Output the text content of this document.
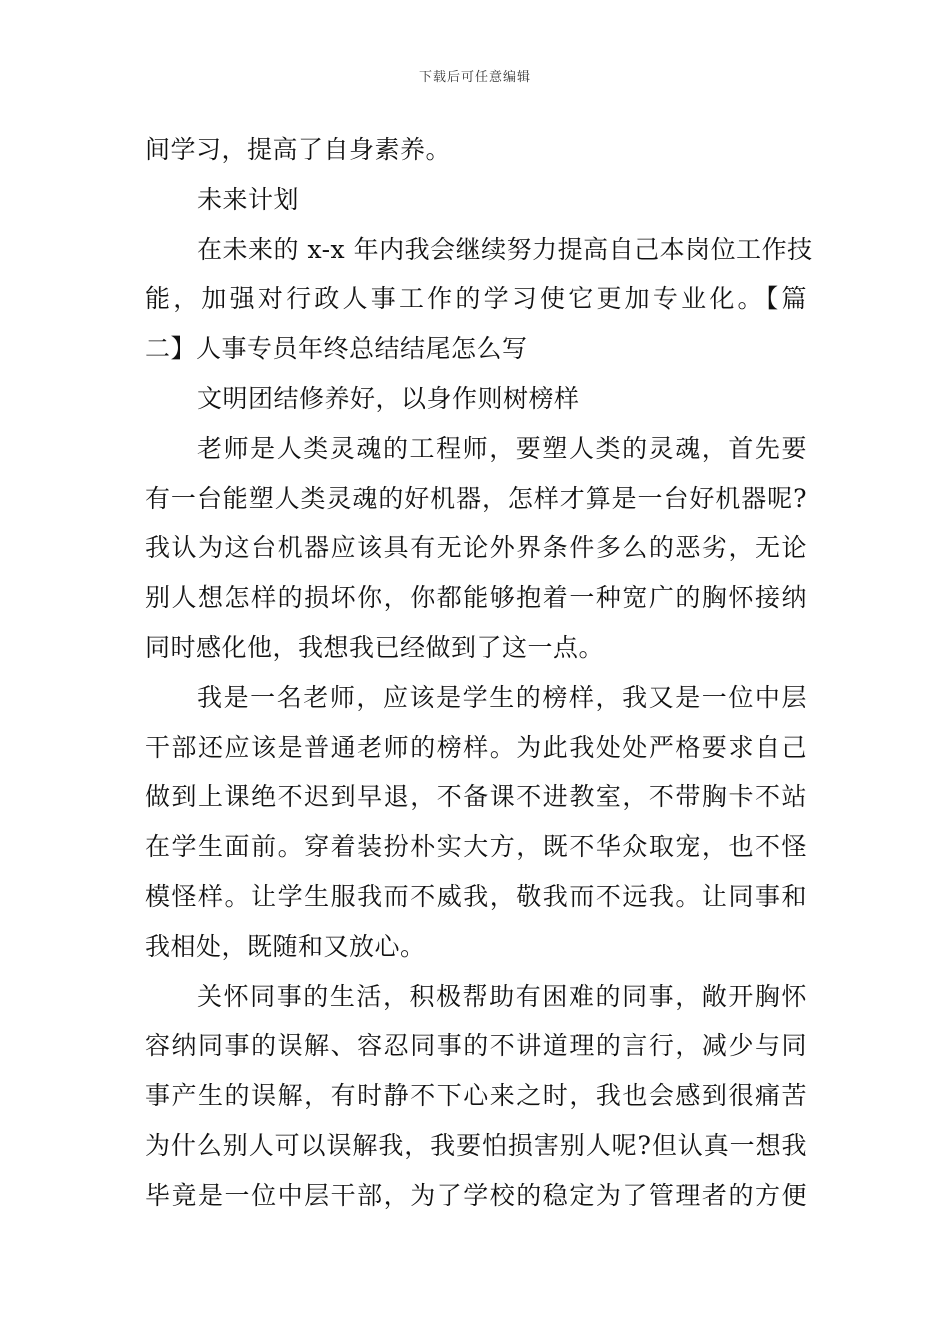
下载后可任意编辑
间学习，提高了自身素养。
未来计划
在未来的 x-x 年内我会继续努力提高自己本岗位工作技
能，加强对行政人事工作的学习使它更加专业化。【篇
二】人事专员年终总结结尾怎么写
文明团结修养好，以身作则树榜样
老师是人类灵魂的工程师，要塑人类的灵魂，首先要
有一台能塑人类灵魂的好机器，怎样才算是一台好机器呢?
我认为这台机器应该具有无论外界条件多么的恶劣，无论
别人想怎样的损坏你，你都能够抱着一种宽广的胸怀接纳
同时感化他，我想我已经做到了这一点。
我是一名老师，应该是学生的榜样，我又是一位中层
干部还应该是普通老师的榜样。为此我处处严格要求自己
做到上课绝不迟到早退，不备课不进教室，不带胸卡不站
在学生面前。穿着装扮朴实大方，既不华众取宠，也不怪
模怪样。让学生服我而不威我，敬我而不远我。让同事和
我相处，既随和又放心。
关怀同事的生活，积极帮助有困难的同事，敞开胸怀
容纳同事的误解、容忍同事的不讲道理的言行，减少与同
事产生的误解，有时静不下心来之时，我也会感到很痛苦
为什么别人可以误解我，我要怕损害别人呢?但认真一想我
毕竟是一位中层干部，为了学校的稳定为了管理者的方便
